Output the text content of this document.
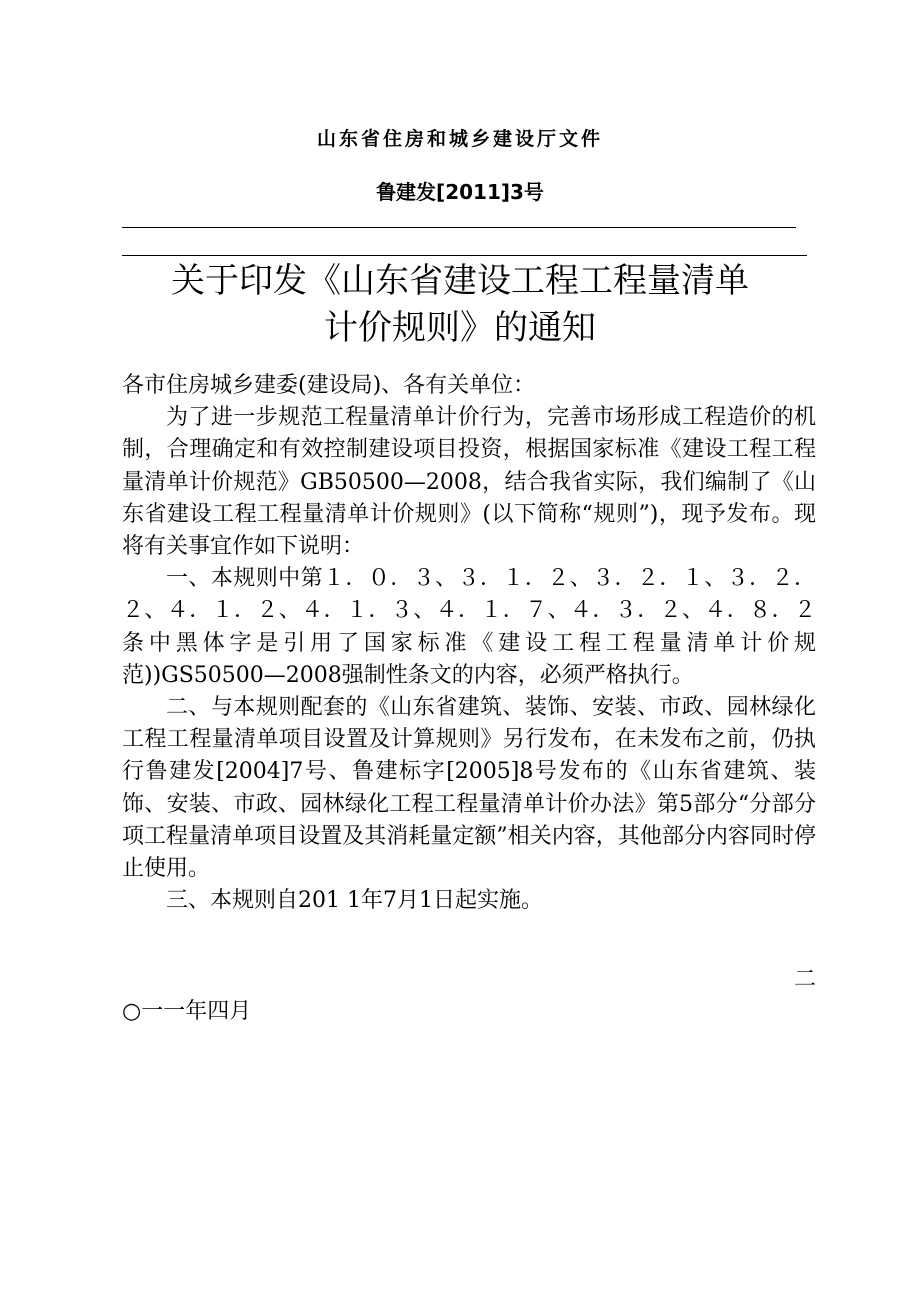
山东省住房和城乡建设厅文件
鲁建发[2011]3号
关于印发《山东省建设工程工程量清单
计价规则》的通知

各市住房城乡建委(建设局)、各有关单位：

为了进一步规范工程量清单计价行为，完善市场形成工程造价的机制，合理确定和有效控制建设项目投资，根据国家标准《建设工程工程量清单计价规范》GB50500—2008，结合我省实际，我们编制了《山东省建设工程工程量清单计价规则》(以下简称“规则”)，现予发布。现将有关事宜作如下说明：

一、本规则中第１．０．３、３．１．２、３．２．１、３．２．２、４．１．２、４．１．３、４．１．７、４．３．２、４．８．２条中黑体字是引用了国家标准《建设工程工程量清单计价规范))GS50500—2008强制性条文的内容，必须严格执行。

二、与本规则配套的《山东省建筑、装饰、安装、市政、园林绿化工程工程量清单项目设置及计算规则》另行发布，在未发布之前，仍执行鲁建发[2004]7号、鲁建标字[2005]8号发布的《山东省建筑、装饰、安装、市政、园林绿化工程工程量清单计价办法》第5部分“分部分项工程量清单项目设置及其消耗量定额”相关内容，其他部分内容同时停止使用。

三、本规则自201 1年7月1日起实施。

二
○一一年四月
